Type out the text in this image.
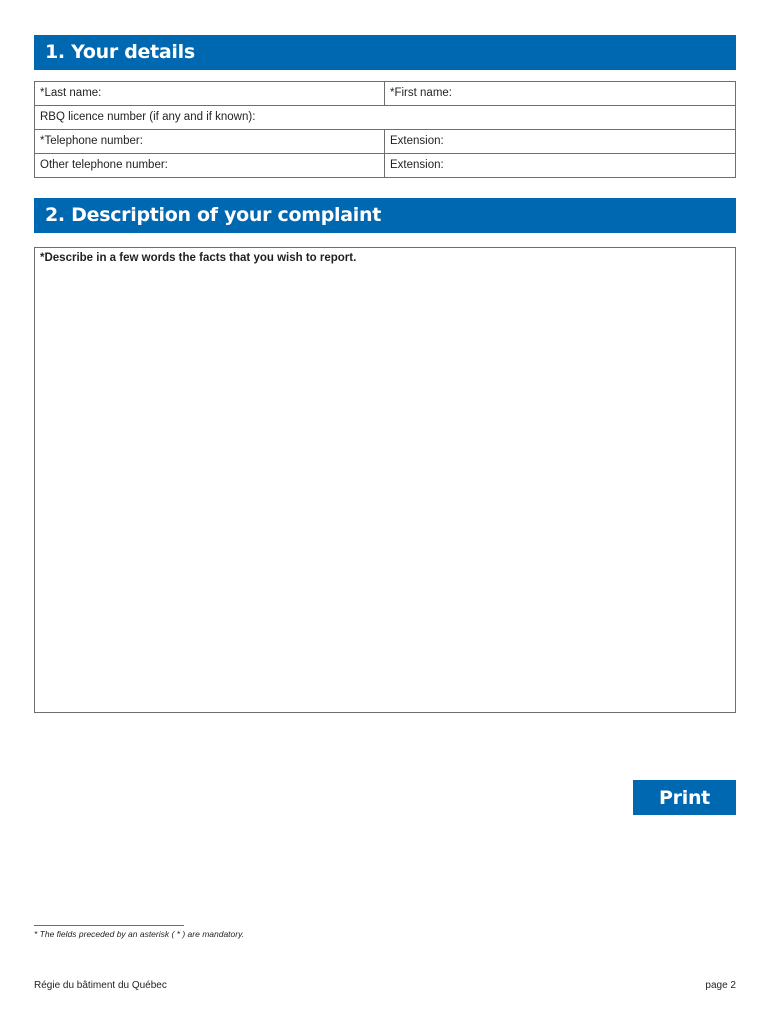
1. Your details
*Last name:	*First name:
RBQ licence number (if any and if known):
*Telephone number:	Extension:
Other telephone number:	Extension:
2. Description of your complaint
*Describe in a few words the facts that you wish to report.
Print
* The fields preceded by an asterisk ( * ) are mandatory.
Régie du bâtiment du Québec	page 2
